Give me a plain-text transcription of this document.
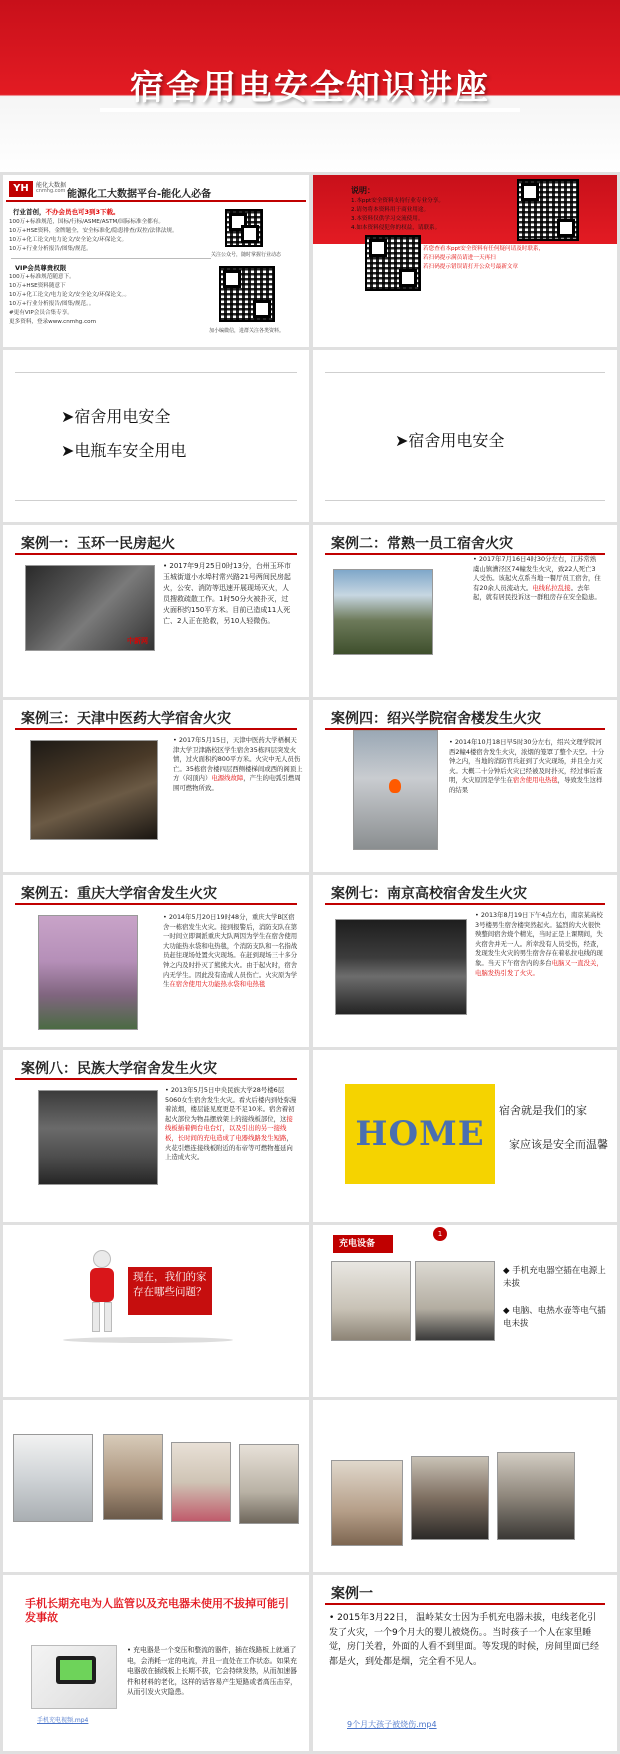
宿舍用电安全知识讲座
YH	能化大数据
cnmhg.com 能源化工大数据平台-能化人必备
行业首创，不办会员也可3到3下载。
100万+标准规范，国标/行标/ASME/ASTM/国际标准全都有。
10万+HSE资料，金牌题全，安全标准化/隐患排查/双控/法律法规。
10万+化工论文/电力论文/安全论文/环保论文。
10万+行业分析报告/图集/规范。
VIP会员尊贵权限
100万+标准规范随意下。
10万+HSE资料随意下
10万+化工论文/电力论文/安全论文/环保论文。。
10万+行业分析报告/图集/规范。。
#更有VIP会员合集专享。
更多资料，登录www.cnmhg.com
关注公众号，随时掌握行业动态
加小编微信，进群关注各类资料。
说明：
1.本ppt安全资料支持行业专业分享。
2.请勿将本资料用于商业用途。
3.本资料仅供学习交流使用。
4.如本资料侵犯你的权益，请联系。
若您查看本ppt安全资料有任何疑问请及时联系，
若扫码提示满员请进一天再扫
若扫码提示错误请打开公众号最新文章
➤宿舍用电安全
➤电瓶车安全用电
➤宿舍用电安全
案例一：玉环一民房起火
中新网
• 2017年9月25日0时13分，台州玉环市玉城街道小水埠村常兴路21号两间民房起火，公安、消防等迅速开展现场灭火，人员搜救疏散工作。1时50分火被扑灭，过火面积约150平方米。目前已造成11人死亡、2人正在抢救，另10人轻微伤。
案例二：常熟一员工宿舍火灾
• 2017年7月16日4时30分左右，江苏常熟虞山镇漕泾区74幢发生火灾，致22人死亡3人受伤。该起火点系当地一餐厅员工宿舍，住有20余人员流动大。电线私拉乱接。去年起，就有居民投诉这一群租房存在安全隐患。
案例三：天津中医药大学宿舍火灾
• 2017年5月15日，天津中医药大学梧桐天津大学卫津路校区学生宿舍35栋四层突发火情，过火面积约800平方米。火灾中无人员伤亡。35栋宿舍楼四层西侧楼梯间或西的阁顶上方（闷顶内）电源线故障，产生的电弧引燃周围可燃物所致。
案例四：绍兴学院宿舍楼发生火灾
• 2014年10月18日早5时30分左右，绍兴文理学院河西2幢4楼宿舍发生火灾，浓烟的笼罩了整个天空。十分钟之内，当地的消防官兵赶到了火灾现场，并且全力灭火。大概二十分钟后火灾已经被及时扑灭，经过事后查明，火灾原因是学生在宿舍使用电热毯，导致发生这样的结果
案例五：重庆大学宿舍发生火灾
• 2014年5月20日19时48分，重庆大学B区宿舍一栋宿发生火灾。接到报警后，消防支队在第一时间立即调派重庆大队两因为学生在宿舍使用大功能热水袋和电热毯，个消防支队和一名指战员赶往现场处置火灾现场。在赶到现场三十多分钟之内及时扑灭了熊熊大火。由于起火时，宿舍内无学生。因此没有造成人员伤亡。火灾原为学生在宿舍使用大功能热水袋和电热毯
案例七：南京高校宿舍发生火灾
• 2013年8月19日下午4点左右，南京某高校3号楼男生宿舍楼突然起火。猛烈的大火很快殃整间宿舍烧个精光，当时正是上课期间，失火宿舍并无一人。所幸没有人员受伤，经查，发现发生火灾的男生宿舍存在着私拉电线的现象。当天下午宿舍内的多台电脑又一直没关，电脑发热引发了火灾。
案例八：民族大学宿舍发生火灾
• 2013年5月5日中央民族大学28号楼6层5060女生宿舍发生火灾。看火后楼内到处弥漫着浓烟，楼层能见度更是不足10米。宿舍着初起火部位为物品摆放架上的接线板部位，这接线板插着俩台电台灯，以及引出的另一接线板，长时间的充电造成了电器线路发生短路，火花引燃连接线板附近的布帝等可燃物蔓延向上造成火灾。
HOME
宿舍就是我们的家
家应该是安全而温馨
现在，我们的家存在哪些问题？
充电设备
1
◆ 手机充电器空插在电源上未拔
◆ 电脑、电热水壶等电气插电未拔
手机长期充电为人监管以及充电器未使用不拔掉可能引发事故
手机充电视频.mp4
• 充电器是一个变压和整流的器件，插在线路板上就通了电，会消耗一定的电流，并且一直处在工作状态。如果充电器放在插线板上长期不拔，它会持续发热，从而加速器件和材料的老化，这样的话容易产生短路或者高压击穿，从而引发火灾隐患。
案例一
• 2015年3月22日， 温岭某女士因为手机充电器未拔，电线老化引发了火灾，一个9个月大的婴儿被烧伤。。当时孩子一个人在家里睡觉，房门关着，外面的人看不到里面。等发现的时候，房间里面已经都是火，到处都是烟，完全看不见人。
9个月大孩子被烧伤.mp4
